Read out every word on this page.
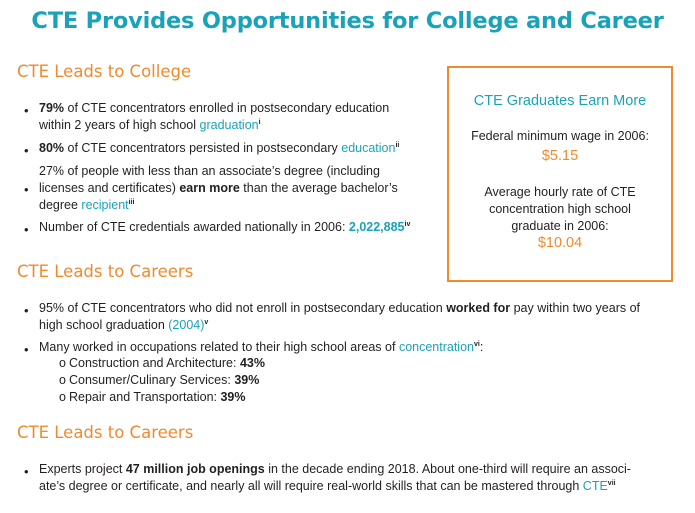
CTE Provides Opportunities for College and Career
CTE Leads to College
• 79% of CTE concentrators enrolled in postsecondary education
within 2 years of high school graduation$^i$
• 80% of CTE concentrators persisted in postsecondary education$^{ii}$
27% of people with less than an associate’s degree (including
• licenses and certificates) earn more than the average bachelor’s
degree recipient$^{iii}$
• Number of CTE credentials awarded nationally in 2006: 2,022,885$^{iv}$
CTE Leads to Careers
• 95% of CTE concentrators who did not enroll in postsecondary education worked for pay within two years of
high school graduation $(2004)^v$
• Many worked in occupations related to their high school areas of concentration$^{vi}$:
o Construction and Architecture: 43%
o Consumer/Culinary Services: 39%
o Repair and Transportation: 39%
CTE Leads to Careers
• Experts project 47 million job openings in the decade ending 2018. About one-third will require an associ-
ate’s degree or certificate, and nearly all will require real-world skills that can be mastered through CTE$^{vii}$
CTE Graduates Earn More
Federal minimum wage in 2006:
$5.15
Average hourly rate of CTE
concentration high school
graduate in 2006:
$10.04
